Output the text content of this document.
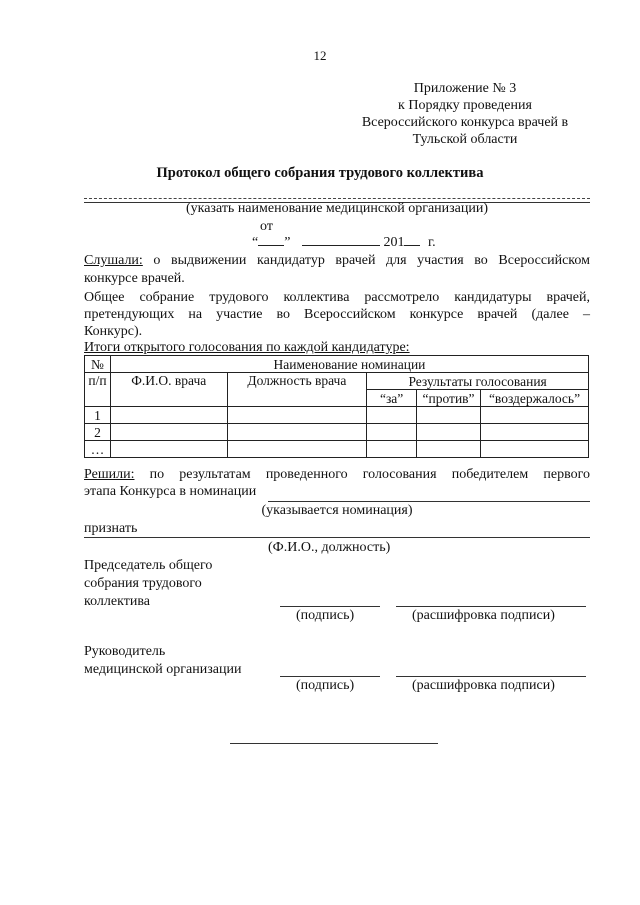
12
Приложение № 3
к Порядку проведения
Всероссийского конкурса врачей в
Тульской области
Протокол общего собрания трудового коллектива
(указать наименование медицинской организации)
от
“ ”	201 г.
Слушали: о выдвижении кандидатур врачей для участия во Всероссийском
конкурсе врачей.
Общее собрание трудового коллектива рассмотрело кандидатуры врачей,
претендующих на участие во Всероссийском конкурсе врачей (далее –
Конкурс).
Итоги открытого голосования по каждой кандидатуре:
№	Наименование номинации				
п/п	Ф.И.О. врача	Должность врача	Результаты голосования		
			“за”	“против”	“воздержалось”
1					
2					
…					
Решили: по результатам проведенного голосования победителем первого
этапа Конкурса в номинации
(указывается номинация)
признать
(Ф.И.О., должность)
Председатель общего
собрания трудового
коллектива
(подпись)	(расшифровка подписи)
Руководитель
медицинской организации
(подпись)	(расшифровка подписи)
